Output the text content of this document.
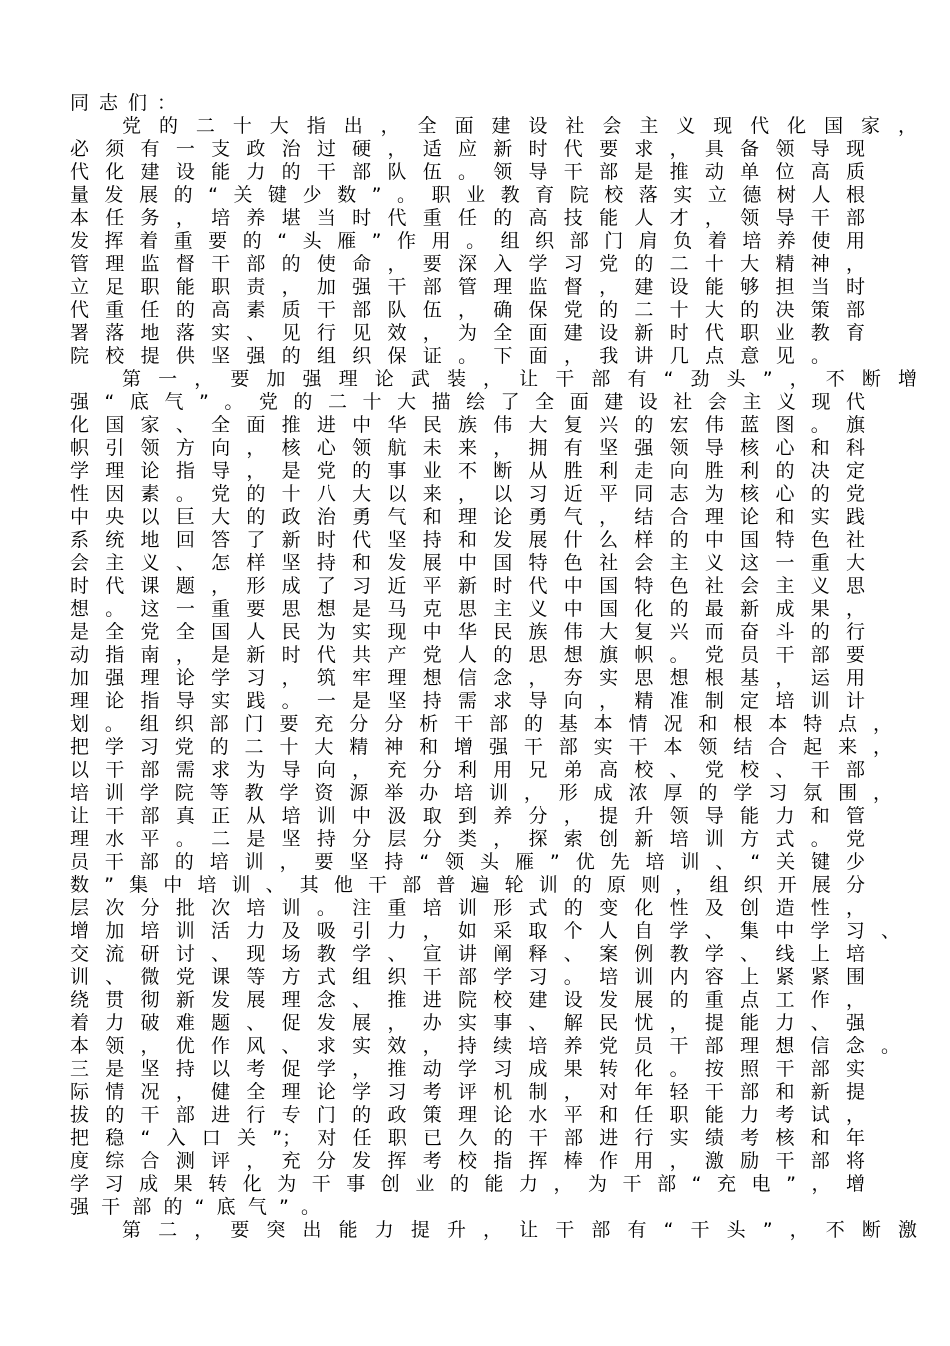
同志们：
党的二十大指出，全面建设社会主义现代化国家，
必须有一支政治过硬，适应新时代要求，具备领导现
代化建设能力的干部队伍。领导干部是推动单位高质
量发展的“关键少数”。职业教育院校落实立德树人根
本任务，培养堪当时代重任的高技能人才，领导干部
发挥着重要的“头雁”作用。组织部门肩负着培养使用
管理监督干部的使命，要深入学习党的二十大精神，
立足职能职责，加强干部管理监督，建设能够担当时
代重任的高素质干部队伍，确保党的二十大的决策部
署落地落实、见行见效，为全面建设新时代职业教育
院校提供坚强的组织保证。下面，我讲几点意见。
第一，要加强理论武装，让干部有“劲头”，不断增
强“底气”。党的二十大描绘了全面建设社会主义现代
化国家、全面推进中华民族伟大复兴的宏伟蓝图。旗
帜引领方向，核心领航未来，拥有坚强领导核心和科
学理论指导，是党的事业不断从胜利走向胜利的决定
性因素。党的十八大以来，以习近平同志为核心的党
中央以巨大的政治勇气和理论勇气，结合理论和实践
系统地回答了新时代坚持和发展什么样的中国特色社
会主义、怎样坚持和发展中国特色社会主义这一重大
时代课题，形成了习近平新时代中国特色社会主义思
想。这一重要思想是马克思主义中国化的最新成果，
是全党全国人民为实现中华民族伟大复兴而奋斗的行
动指南，是新时代共产党人的思想旗帜。党员干部要
加强理论学习，筑牢理想信念，夯实思想根基，运用
理论指导实践。一是坚持需求导向，精准制定培训计
划。组织部门要充分分析干部的基本情况和根本特点，
把学习党的二十大精神和增强干部实干本领结合起来，
以干部需求为导向，充分利用兄弟高校、党校、干部
培训学院等教学资源举办培训，形成浓厚的学习氛围，
让干部真正从培训中汲取到养分，提升领导能力和管
理水平。二是坚持分层分类，探索创新培训方式。党
员干部的培训，要坚持“领头雁”优先培训、“关键少
数”集中培训、其他干部普遍轮训的原则，组织开展分
层次分批次培训。注重培训形式的变化性及创造性，
增加培训活力及吸引力，如采取个人自学、集中学习、
交流研讨、现场教学、宣讲阐释、案例教学、线上培
训、微党课等方式组织干部学习。培训内容上紧紧围
绕贯彻新发展理念、推进院校建设发展的重点工作，
着力破难题、促发展，办实事、解民忧，提能力、强
本领，优作风、求实效，持续培养党员干部理想信念。
三是坚持以考促学，推动学习成果转化。按照干部实
际情况，健全理论学习考评机制，对年轻干部和新提
拔的干部进行专门的政策理论水平和任职能力考试，
把稳“入口关”；对任职已久的干部进行实绩考核和年
度综合测评，充分发挥考校指挥棒作用，激励干部将
学习成果转化为干事创业的能力，为干部“充电”，增
强干部的“底气”。
第二，要突出能力提升，让干部有“干头”，不断激
